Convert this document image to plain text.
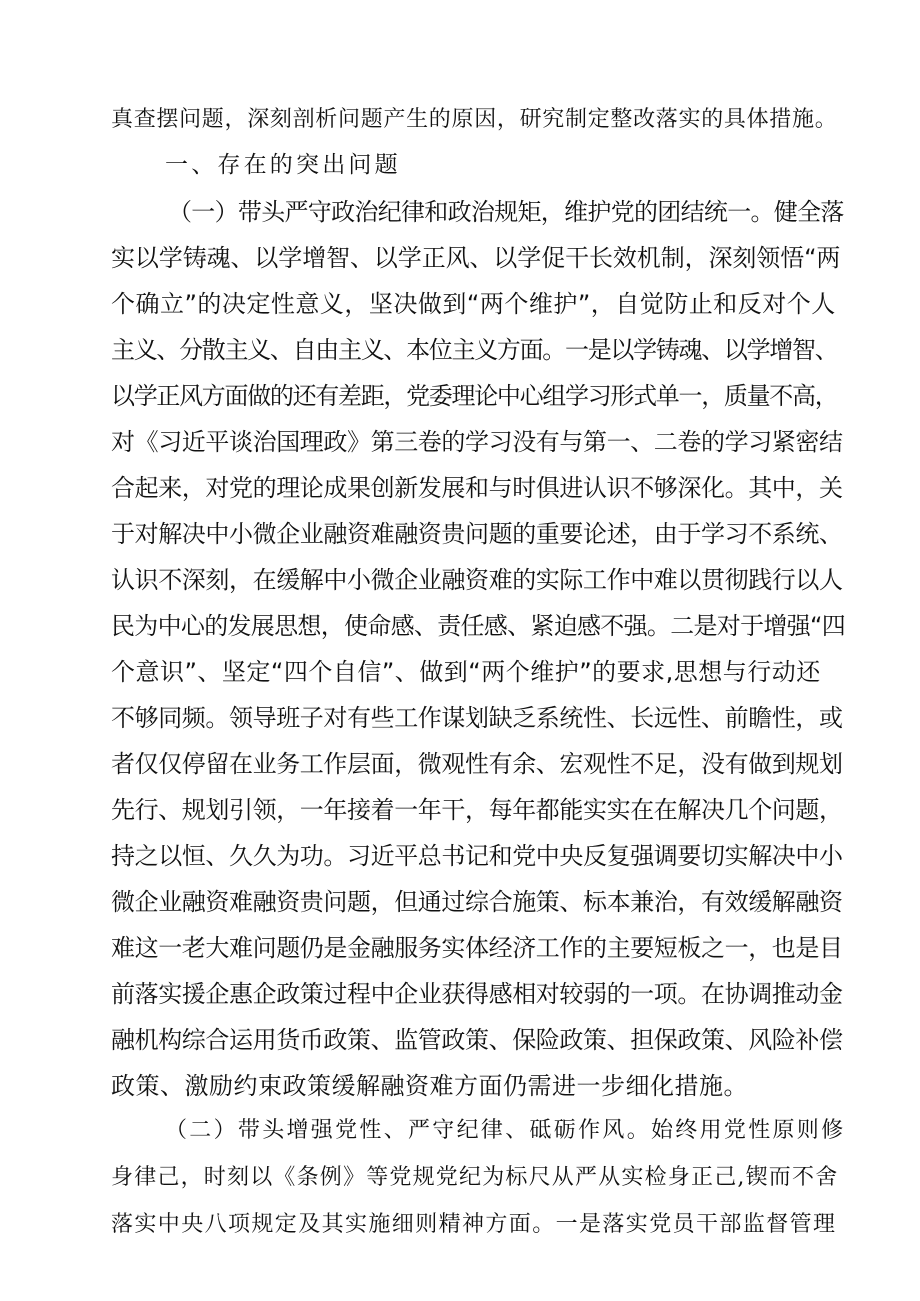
真查摆问题，深刻剖析问题产生的原因，研究制定整改落实的具体措施。

一、存在的突出问题

（一）带头严守政治纪律和政治规矩，维护党的团结统一。健全落

实以学铸魂、以学增智、以学正风、以学促干长效机制，深刻领悟“两

个确立”的决定性意义，坚决做到“两个维护”，自觉防止和反对个人

主义、分散主义、自由主义、本位主义方面。一是以学铸魂、以学增智、

以学正风方面做的还有差距，党委理论中心组学习形式单一，质量不高，

对《习近平谈治国理政》第三卷的学习没有与第一、二卷的学习紧密结

合起来，对党的理论成果创新发展和与时俱进认识不够深化。其中，关

于对解决中小微企业融资难融资贵问题的重要论述，由于学习不系统、

认识不深刻，在缓解中小微企业融资难的实际工作中难以贯彻践行以人

民为中心的发展思想，使命感、责任感、紧迫感不强。二是对于增强“四

个意识”、坚定“四个自信”、做到“两个维护”的要求,思想与行动还

不够同频。领导班子对有些工作谋划缺乏系统性、长远性、前瞻性，或

者仅仅停留在业务工作层面，微观性有余、宏观性不足，没有做到规划

先行、规划引领，一年接着一年干，每年都能实实在在解决几个问题，

持之以恒、久久为功。习近平总书记和党中央反复强调要切实解决中小

微企业融资难融资贵问题，但通过综合施策、标本兼治，有效缓解融资

难这一老大难问题仍是金融服务实体经济工作的主要短板之一，也是目

前落实援企惠企政策过程中企业获得感相对较弱的一项。在协调推动金

融机构综合运用货币政策、监管政策、保险政策、担保政策、风险补偿

政策、激励约束政策缓解融资难方面仍需进一步细化措施。

（二）带头增强党性、严守纪律、砥砺作风。始终用党性原则修

身律己，时刻以《条例》等党规党纪为标尺从严从实检身正己,锲而不舍

落实中央八项规定及其实施细则精神方面。一是落实党员干部监督管理
